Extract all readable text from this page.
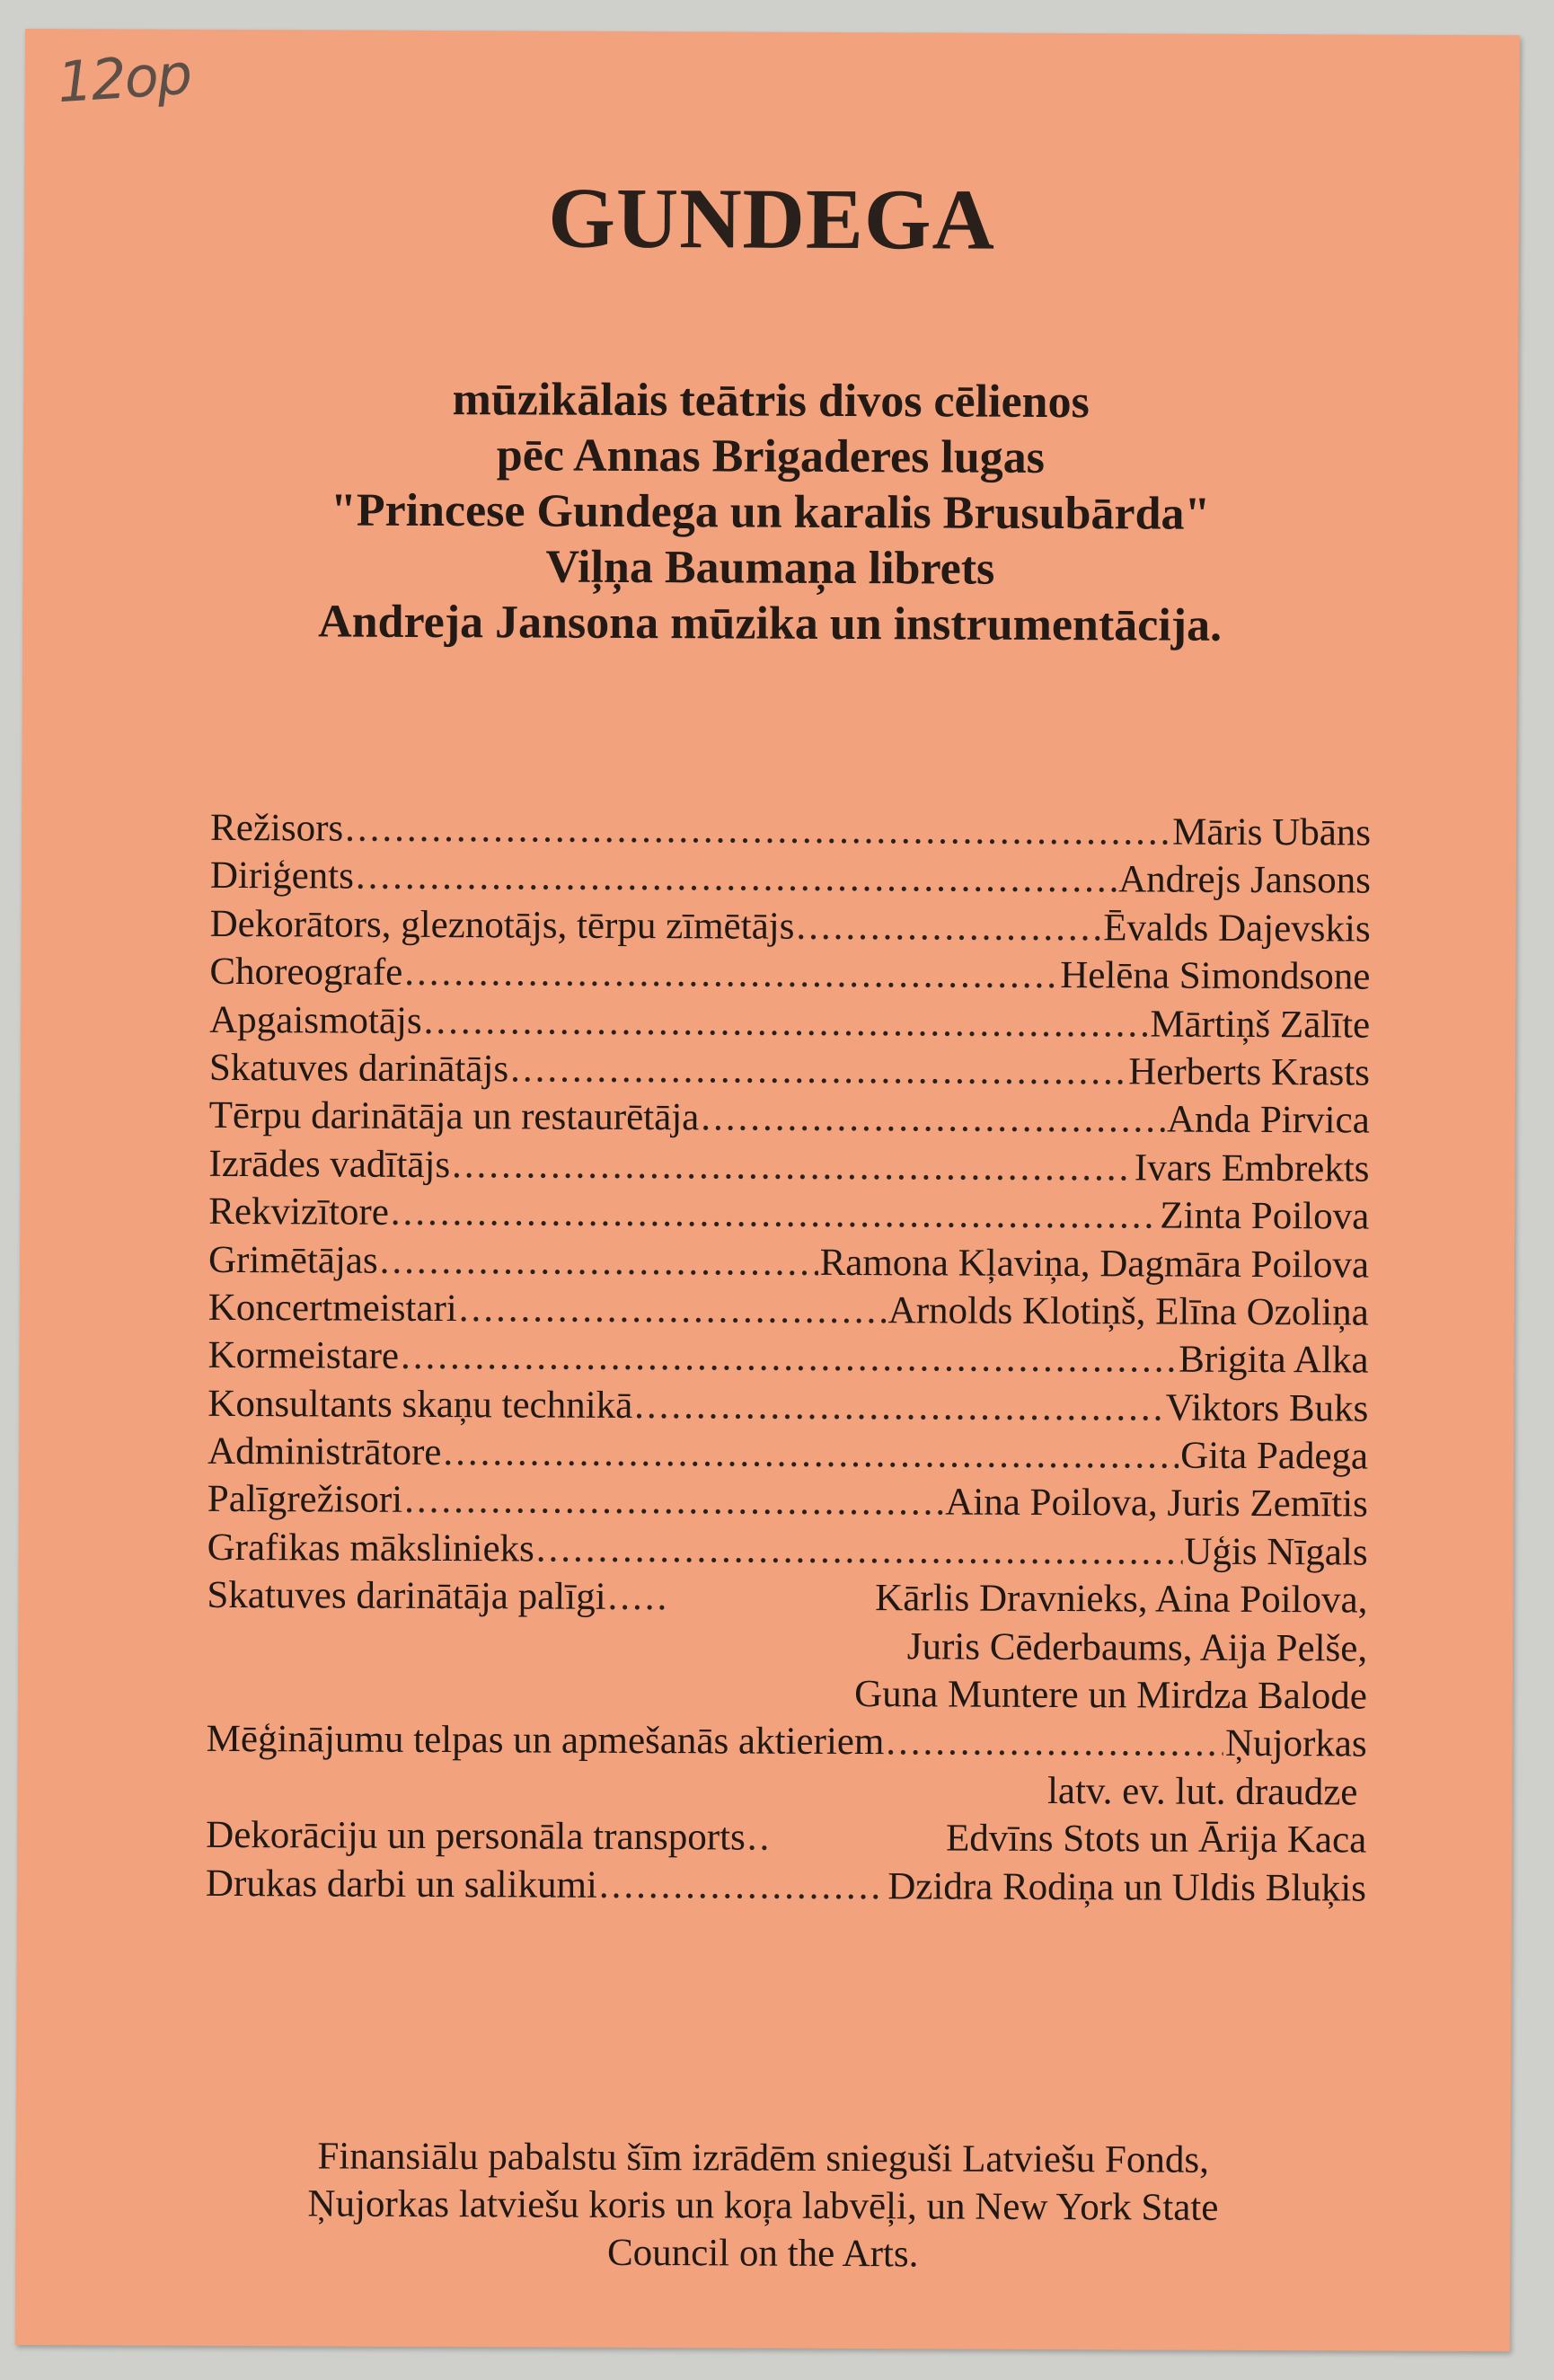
12op
GUNDEGA
mūzikālais teātris divos cēlienos
pēc Annas Brigaderes lugas
"Princese Gundega un karalis Brusubārda"
Viļņa Baumaņa librets
Andreja Jansona mūzika un instrumentācija.
Režisors .....	Māris Ubāns
Diriģents .....	Andrejs Jansons
Dekorātors, gleznotājs, tērpu zīmētājs .....	Ēvalds Dajevskis
Choreografe .....	Helēna Simondsone
Apgaismotājs .....	Mārtiņš Zālīte
Skatuves darinātājs .....	Herberts Krasts
Tērpu darinātāja un restaurētāja .....	Anda Pirvica
Izrādes vadītājs .....	Ivars Embrekts
Rekvizītore .....	Zinta Poilova
Grimētājas .....	Ramona Kļaviņa, Dagmāra Poilova
Koncertmeistari .....	Arnolds Klotiņš, Elīna Ozoliņa
Kormeistare .....	Brigita Alka
Konsultants skaņu technikā .....	Viktors Buks
Administrātore .....	Gita Padega
Palīgrežisori .....	Aina Poilova, Juris Zemītis
Grafikas mākslinieks .....	Uģis Nīgals
Skatuves darinātāja palīgi .....	Kārlis Dravnieks, Aina Poilova,
Juris Cēderbaums, Aija Pelše,
Guna Muntere un Mirdza Balode
Mēģinājumu telpas un apmešanās aktieriem .....	Ņujorkas
latv. ev. lut. draudze
Dekorāciju un personāla transports .....	Edvīns Stots un Ārija Kaca
Drukas darbi un salikumi .....	Dzidra Rodiņa un Uldis Bluķis
Finansiālu pabalstu šīm izrādēm snieguši Latviešu Fonds,
Ņujorkas latviešu koris un koŗa labvēļi, un New York State
Council on the Arts.
